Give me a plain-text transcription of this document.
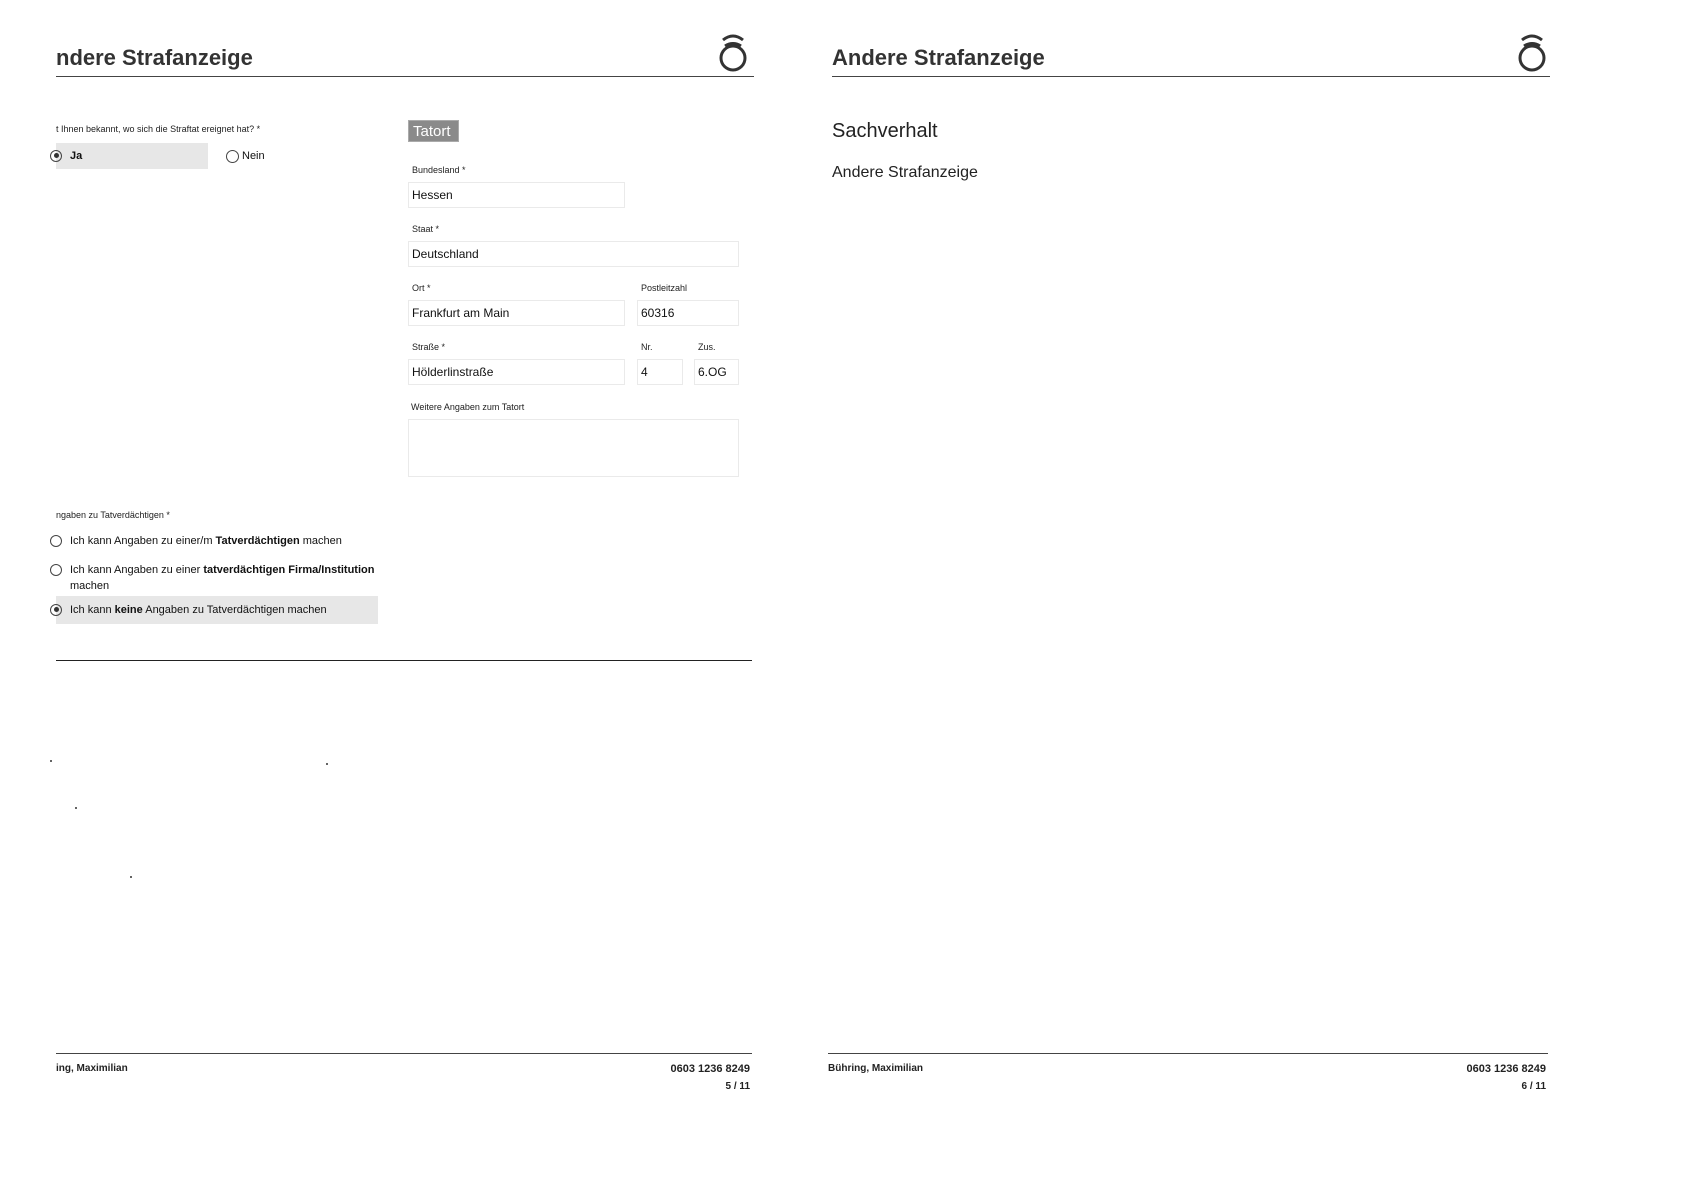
ndere Strafanzeige
t Ihnen bekannt, wo sich die Straftat ereignet hat? *
Ja	Nein
Tatort
Bundesland *
Hessen
Staat *
Deutschland
Ort *	Postleitzahl
Frankfurt am Main	60316
Straße *	Nr.	Zus.
Hölderlinstraße	4	6.OG
Weitere Angaben zum Tatort
ngaben zu Tatverdächtigen *
Ich kann Angaben zu einer/m Tatverdächtigen machen
Ich kann Angaben zu einer tatverdächtigen Firma/Institution
machen
Ich kann keine Angaben zu Tatverdächtigen machen
ing, Maximilian	0603 1236 8249
5 / 11
Andere Strafanzeige
Sachverhalt
Andere Strafanzeige
Bühring, Maximilian	0603 1236 8249
6 / 11
